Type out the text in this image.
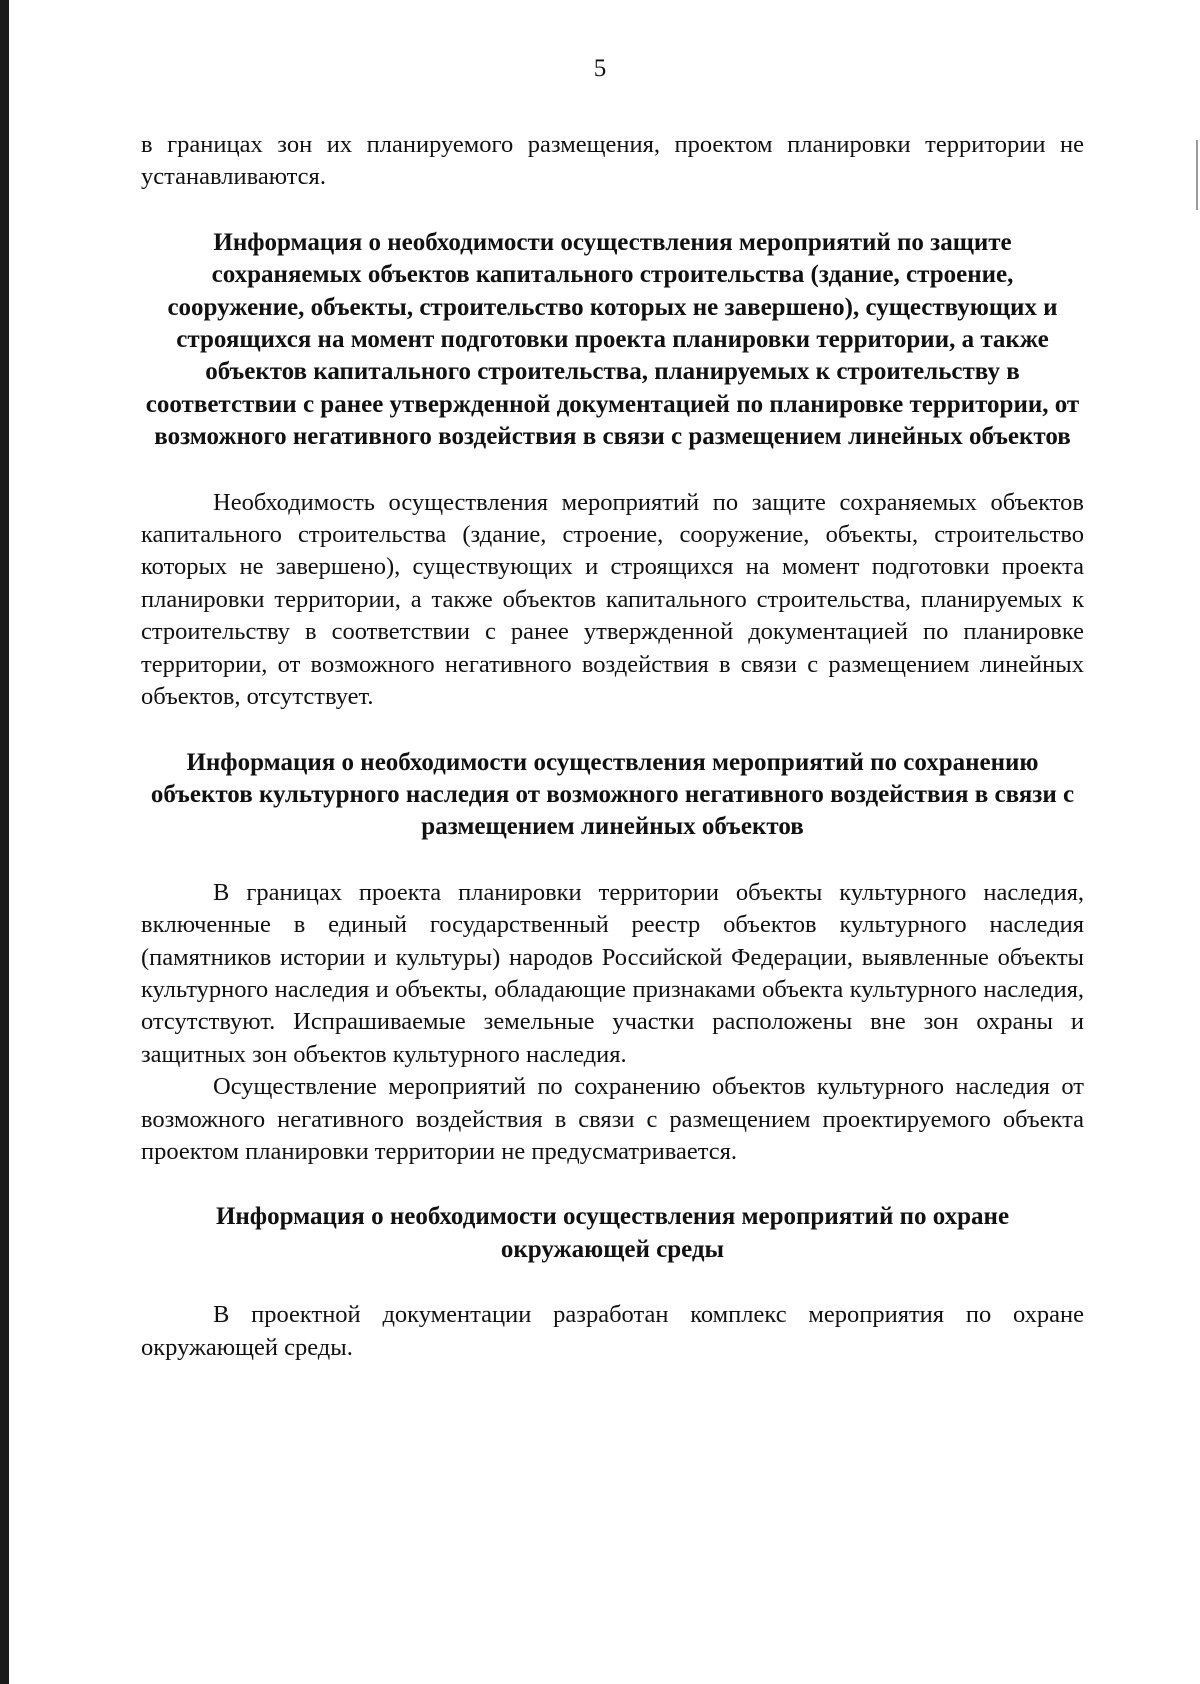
5

в границах зон их планируемого размещения, проектом планировки территории не устанавливаются.

Информация о необходимости осуществления мероприятий по защите сохраняемых объектов капитального строительства (здание, строение, сооружение, объекты, строительство которых не завершено), существующих и строящихся на момент подготовки проекта планировки территории, а также объектов капитального строительства, планируемых к строительству в соответствии с ранее утвержденной документацией по планировке территории, от возможного негативного воздействия в связи с размещением линейных объектов

Необходимость осуществления мероприятий по защите сохраняемых объектов капитального строительства (здание, строение, сооружение, объекты, строительство которых не завершено), существующих и строящихся на момент подготовки проекта планировки территории, а также объектов капитального строительства, планируемых к строительству в соответствии с ранее утвержденной документацией по планировке территории, от возможного негативного воздействия в связи с размещением линейных объектов, отсутствует.

Информация о необходимости осуществления мероприятий по сохранению объектов культурного наследия от возможного негативного воздействия в связи с размещением линейных объектов

В границах проекта планировки территории объекты культурного наследия, включенные в единый государственный реестр объектов культурного наследия (памятников истории и культуры) народов Российской Федерации, выявленные объекты культурного наследия и объекты, обладающие признаками объекта культурного наследия, отсутствуют. Испрашиваемые земельные участки расположены вне зон охраны и защитных зон объектов культурного наследия.

Осуществление мероприятий по сохранению объектов культурного наследия от возможного негативного воздействия в связи с размещением проектируемого объекта проектом планировки территории не предусматривается.

Информация о необходимости осуществления мероприятий по охране окружающей среды

В проектной документации разработан комплекс мероприятия по охране окружающей среды.
